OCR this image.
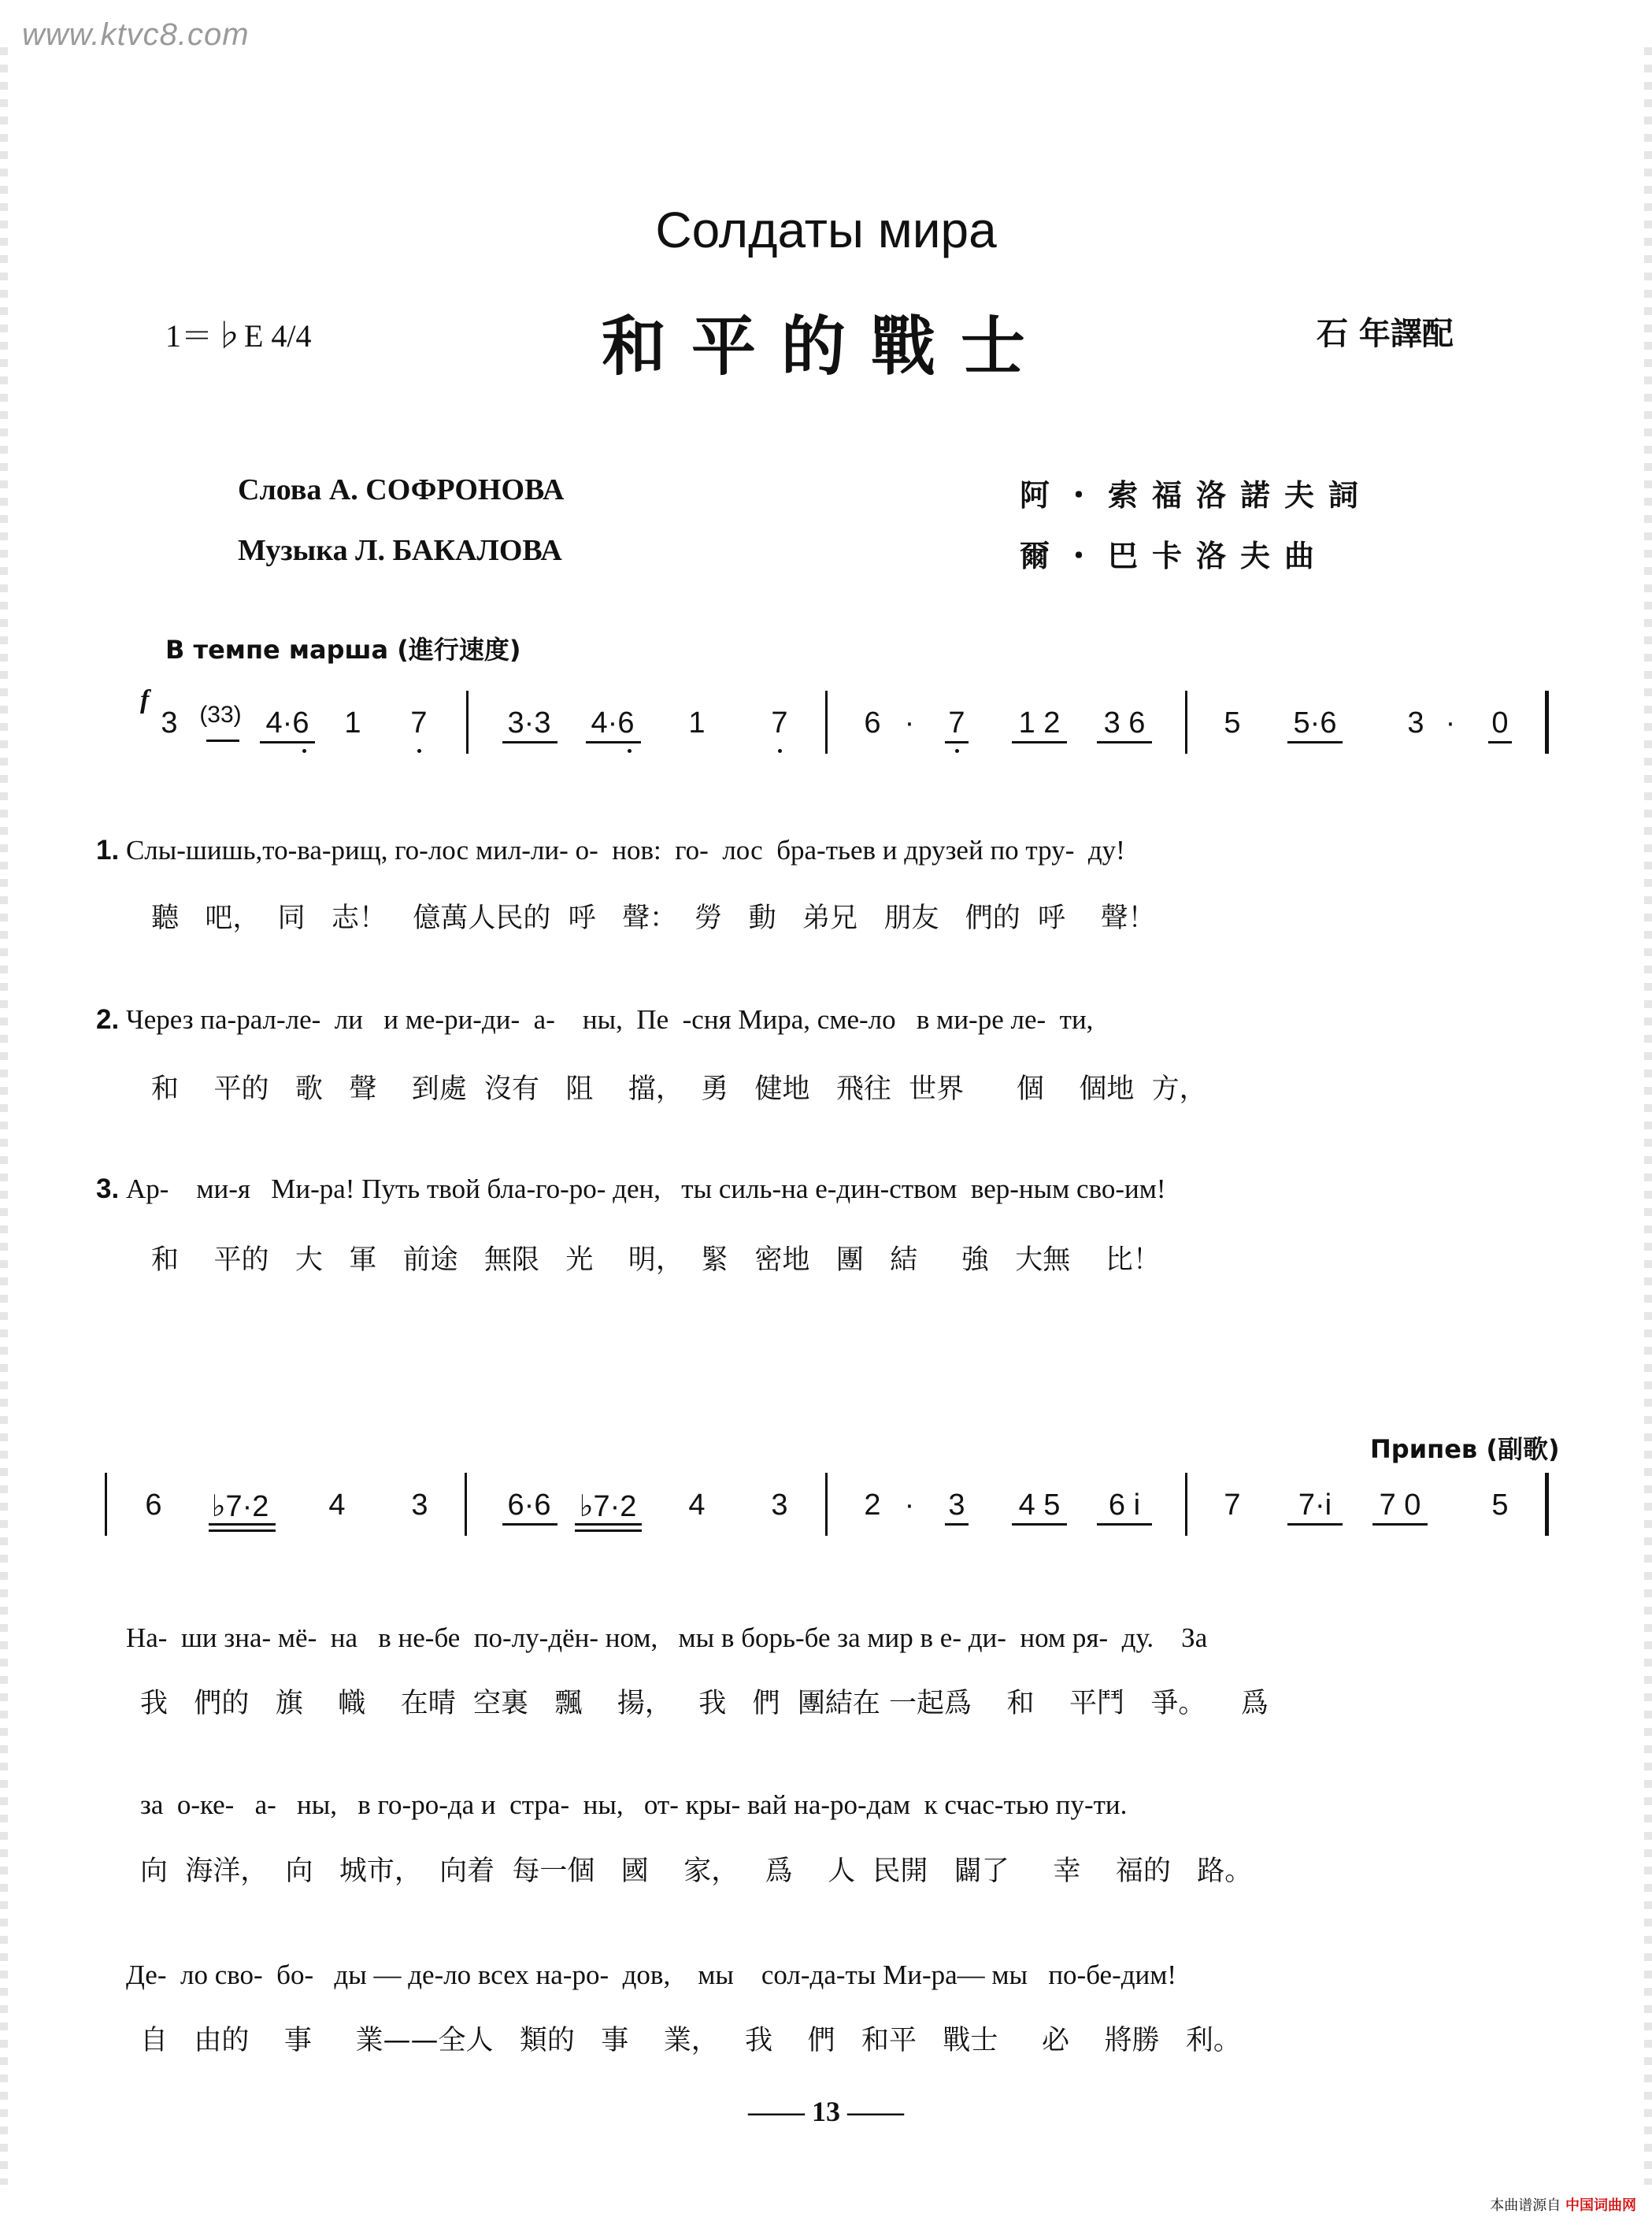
www.ktvc8.com
Солдаты мира
1＝♭E 4/4	和平的戰士	石 年譯配
Слова А. СОФРОНОВА
Музыка Л. БАКАЛОВА
阿・索福洛諾夫詞
爾・巴卡洛夫曲
В темпе марша (進行速度)
f
3 (33) 4·6 1 7	3·3 4·6 1 7	6 · 7 1 2 3 6	5 5·6 3 · 0
1. Слы-шишь,то-ва-рищ, го-лос мил-ли- о-  нов:  го-  лос  бра-тьев и друзей по тру-  ду!
聽   吧，  同   志！   億萬人民的  呼   聲：  勞   動   弟兄   朋友   們的  呼    聲！
2. Через па-рал-ле-  ли   и ме-ри-ди-  а-    ны,  Пе  -сня Мира, сме-ло   в ми-ре ле-  ти,
和    平的   歌   聲    到處  沒有   阻    擋，  勇   健地   飛往  世界      個    個地  方，
3. Ар-    ми-я   Ми-ра! Путь твой бла-го-ро- ден,   ты силь-на е-дин-ством  вер-ным сво-им!
和    平的   大   軍   前途   無限   光    明，  緊   密地   團   結     強   大無    比！
Припев (副歌)
6 ♭7·2 4 3	6·6 ♭7·2 4 3	2 · 3 4 5 6 i	7 7·i 7 0 5
На-  ши зна- мё-  на   в не-бе  по-лу-дён- ном,   мы в борь-бе за мир в е- ди-  ном ря-  ду.    За
我   們的   旗    幟    在晴  空裏   飄    揚，   我   們  團結在 一起爲    和    平鬥   爭。    爲
за  о-ке-   а-   ны,   в го-ро-да и  стра-  ны,   от- кры- вай на-ро-дам  к счас-тью пу-ти.
向  海洋，  向   城市，  向着  每一個   國    家，   爲    人  民開   闢了     幸    福的   路。
Де-  ло сво-  бо-   ды — де-ло всех на-ро-  дов,    мы    сол-да-ты Ми-ра— мы   по-бе-дим!
自   由的    事     業——全人   類的   事    業，   我    們   和平   戰士     必    將勝   利。
—— 13 ——
本曲谱源自 中国词曲网
